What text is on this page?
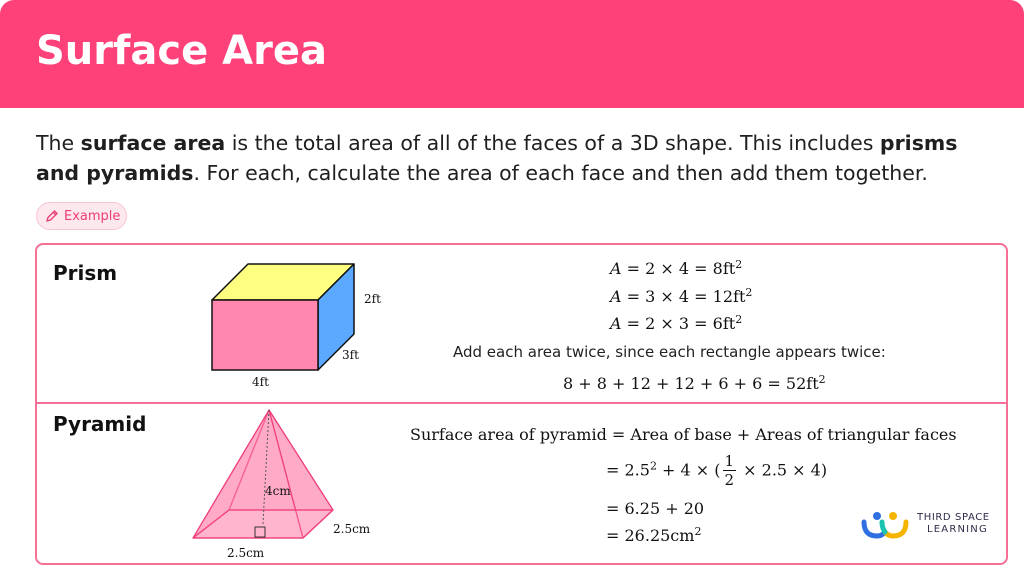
Surface Area
The surface area is the total area of all of the faces of a 3D shape. This includes prisms and pyramids. For each, calculate the area of each face and then add them together.
Example
Prism
2ft
3ft
4ft
$A = 2 \times 4 = 8ft^2$
$A = 3 \times 4 = 12ft^2$
$A = 2 \times 3 = 6ft^2$
Add each area twice, since each rectangle appears twice:
$8 + 8 + 12 + 12 + 6 + 6 = 52ft^2$
Pyramid
4cm
2.5cm
2.5cm
Surface area of pyramid = Area of base + Areas of triangular faces
= $2.5^2 + 4$ × ( $\frac{1}{2} \times 2.5 \times 4$)
= 6.25 + 20
= $26.25cm^2$
THIRD SPACE
LEARNING
